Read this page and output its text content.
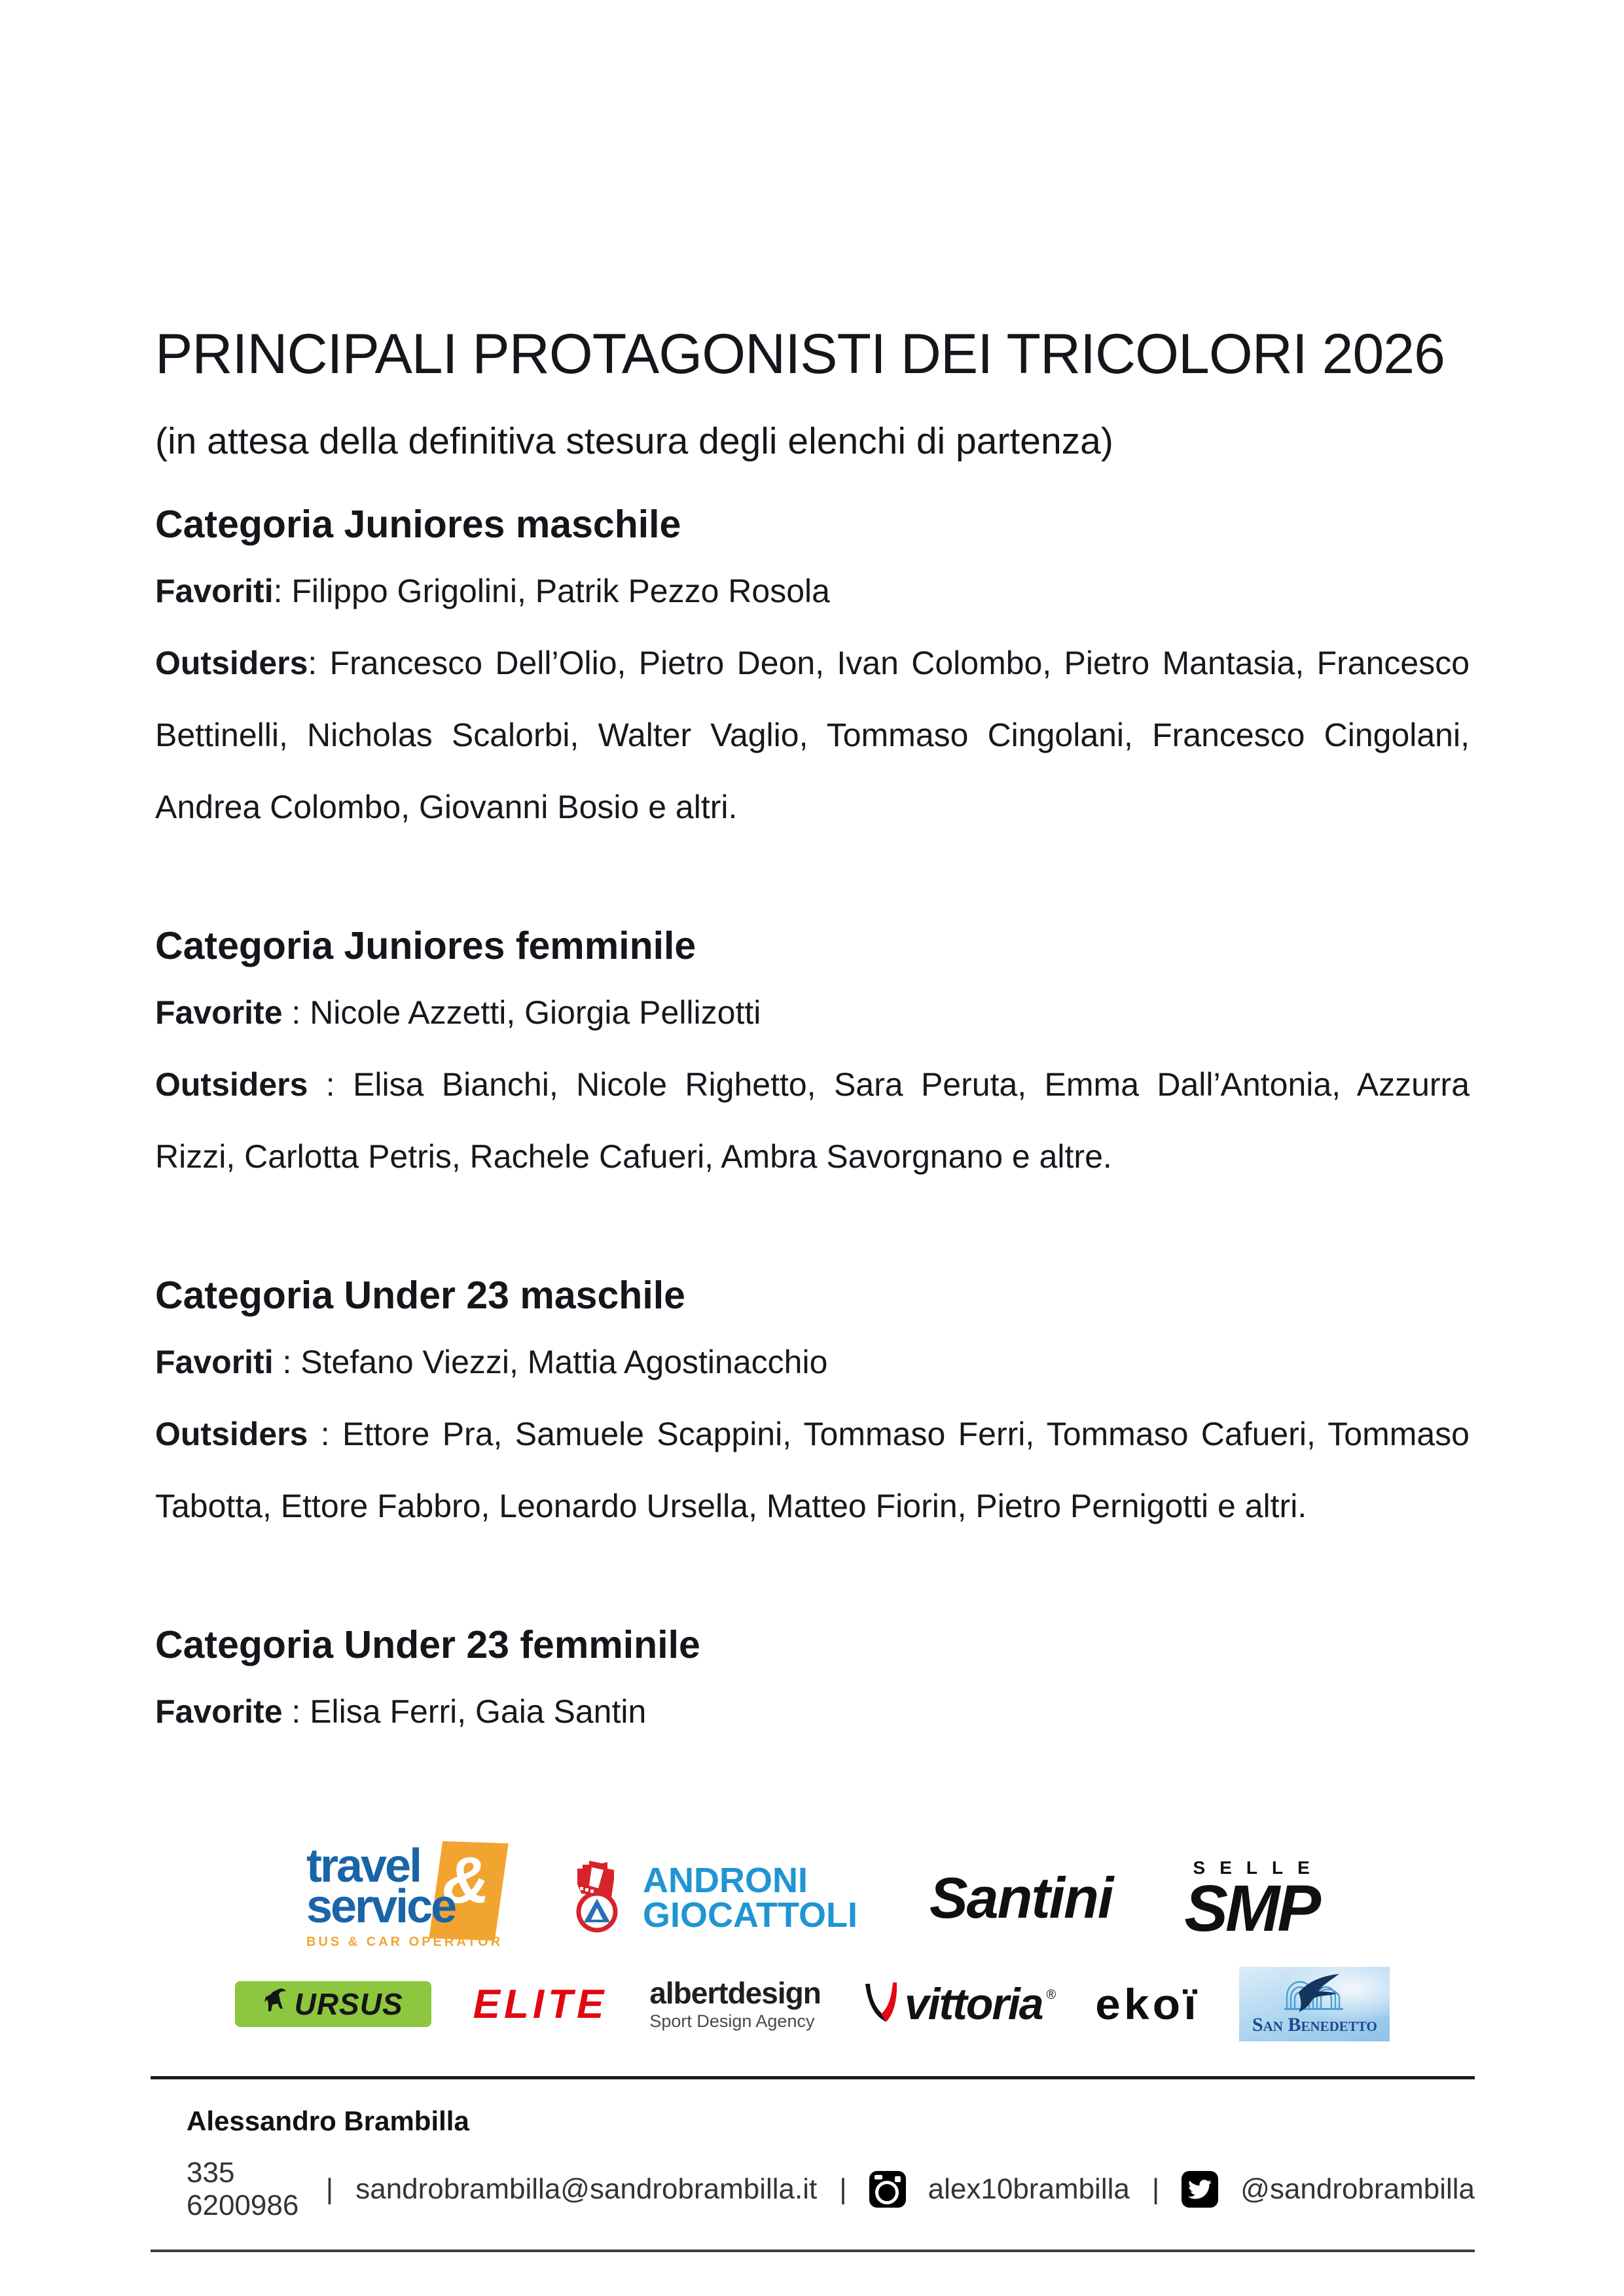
PRINCIPALI PROTAGONISTI DEI TRICOLORI 2026

(in attesa della definitiva stesura degli elenchi di partenza)

Categoria Juniores maschile

Favoriti: Filippo Grigolini, Patrik Pezzo Rosola

Outsiders: Francesco Dell’Olio, Pietro Deon, Ivan Colombo, Pietro Mantasia, Francesco Bettinelli, Nicholas Scalorbi, Walter Vaglio, Tommaso Cingolani, Francesco Cingolani, Andrea Colombo, Giovanni Bosio e altri.

Categoria Juniores femminile

Favorite : Nicole Azzetti, Giorgia Pellizotti

Outsiders : Elisa Bianchi, Nicole Righetto, Sara Peruta, Emma Dall’Antonia, Azzurra Rizzi, Carlotta Petris, Rachele Cafueri, Ambra Savorgnano e altre.

Categoria Under 23 maschile

Favoriti : Stefano Viezzi, Mattia Agostinacchio

Outsiders : Ettore Pra, Samuele Scappini, Tommaso Ferri, Tommaso Cafueri, Tommaso Tabotta, Ettore Fabbro, Leonardo Ursella, Matteo Fiorin, Pietro Pernigotti e altri.

Categoria Under 23 femminile

Favorite : Elisa Ferri, Gaia Santin

&
travel
service
BUS & CAR OPERATOR
ANDRONI
GIOCATTOLI Santini	SELLE
SMP
URSUS ELITE albertdesign
Sport Design Agency vittoria ® ekoï	San Benedetto
Alessandro Brambilla
335 6200986
| sandrobrambilla@sandrobrambilla.it |	alex10brambilla |	@sandrobrambilla
